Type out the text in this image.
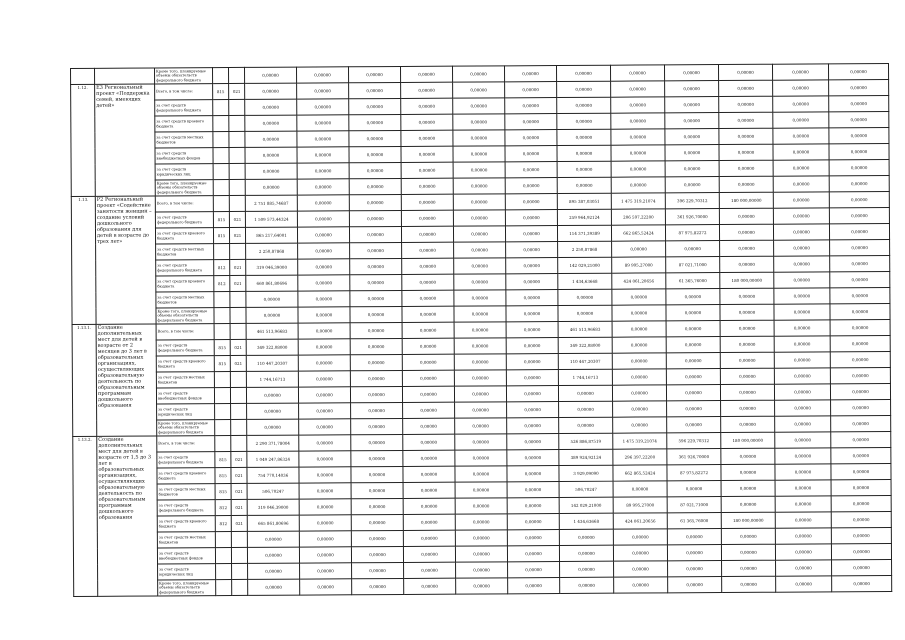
		Кроме того, планируемые объемы обязательств федерального бюджета			0,00000	0,00000	0,00000	0,00000	0,00000	0,00000	0,00000	0,00000	0,00000	0,00000	0,00000	0,00000
1.12.	Е3 Региональный проект «Поддержка семей, имеющих детей»	Всего, в том числе:	815	021	0,00000	0,00000	0,00000	0,00000	0,00000	0,00000	0,00000	0,00000	0,00000	0,00000	0,00000	0,00000
		за счет средств федерального бюджета			0,00000	0,00000	0,00000	0,00000	0,00000	0,00000	0,00000	0,00000	0,00000	0,00000	0,00000	0,00000
		за счет средств краевого бюджета			0,00000	0,00000	0,00000	0,00000	0,00000	0,00000	0,00000	0,00000	0,00000	0,00000	0,00000	0,00000
		за счет средств местных бюджетов			0,00000	0,00000	0,00000	0,00000	0,00000	0,00000	0,00000	0,00000	0,00000	0,00000	0,00000	0,00000
		за счет средств внебюджетных фондов			0,00000	0,00000	0,00000	0,00000	0,00000	0,00000	0,00000	0,00000	0,00000	0,00000	0,00000	0,00000
		за счет средств юридических лиц			0,00000	0,00000	0,00000	0,00000	0,00000	0,00000	0,00000	0,00000	0,00000	0,00000	0,00000	0,00000
		Кроме того, планируемые объемы обязательств федерального бюджета			0,00000	0,00000	0,00000	0,00000	0,00000	0,00000	0,00000	0,00000	0,00000	0,00000	0,00000	0,00000
1.13.	Р2 Региональный проект «Содействие занятости женщин – создание условий дошкольного образования для детей в возрасте до трех лет»	Всего, в том числе:			2 751 885,74687	0,00000	0,00000	0,00000	0,00000	0,00000	895 387,03051	1 475 319,21074	396 229,70312	180 000,00000	0,00000	0,00000
		за счет средств федерального бюджета	815	021	1 509 573,44324	0,00000	0,00000	0,00000	0,00000	0,00000	259 964,92124	206 597,22200	361 926,70000	0,00000	0,00000	0,00000
		за счет средств краевого бюджета	815	021	865 217,64001	0,00000	0,00000	0,00000	0,00000	0,00000	114 371,39389	662 865,52424	87 975,82272	0,00000	0,00000	0,00000
		за счет средств местных бюджетов			2 250,87868	0,00000	0,00000	0,00000	0,00000	0,00000	2 250,87868	0,00000	0,00000	0,00000	0,00000	0,00000
		за счет средств федерального бюджета	812	021	319 046,39000	0,00000	0,00000	0,00000	0,00000	0,00000	142 029,21000	89 995,27000	87 021,71000	0,00000	0,00000	0,00000
		за счет средств краевого бюджета	812	021	660 861,80696	0,00000	0,00000	0,00000	0,00000	0,00000	1 434,63668	424 061,20656	61 365,76000	180 000,00000	0,00000	0,00000
		за счет средств местных бюджетов			0,00000	0,00000	0,00000	0,00000	0,00000	0,00000	0,00000	0,00000	0,00000	0,00000	0,00000	0,00000
		Кроме того, планируемые объемы обязательств федерального бюджета			0,00000	0,00000	0,00000	0,00000	0,00000	0,00000	0,00000	0,00000	0,00000	0,00000	0,00000	0,00000
1.13.1.	Создание дополнительных мест для детей в возрасте от 2 месяцев до 3 лет в образовательных организациях, осуществляющих образовательную деятельность по образовательным программам дошкольного образования	Всего, в том числе:			461 513,96683	0,00000	0,00000	0,00000	0,00000	0,00000	461 513,96683	0,00000	0,00000	0,00000	0,00000	0,00000
		за счет средств федерального бюджета	815	021	349 322,08000	0,00000	0,00000	0,00000	0,00000	0,00000	349 322,08000	0,00000	0,00000	0,00000	0,00000	0,00000
		за счет средств краевого бюджета	815	021	110 447,20307	0,00000	0,00000	0,00000	0,00000	0,00000	110 447,20307	0,00000	0,00000	0,00000	0,00000	0,00000
		за счет средств местных бюджетов			1 744,16713	0,00000	0,00000	0,00000	0,00000	0,00000	1 744,16713	0,00000	0,00000	0,00000	0,00000	0,00000
		за счет средств внебюджетных фондов			0,00000	0,00000	0,00000	0,00000	0,00000	0,00000	0,00000	0,00000	0,00000	0,00000	0,00000	0,00000
		за счет средств юридических лиц			0,00000	0,00000	0,00000	0,00000	0,00000	0,00000	0,00000	0,00000	0,00000	0,00000	0,00000	0,00000
		Кроме того, планируемые объемы обязательств федерального бюджета			0,00000	0,00000	0,00000	0,00000	0,00000	0,00000	0,00000	0,00000	0,00000	0,00000	0,00000	0,00000
1.13.2.	Создание дополнительных мест для детей в возрасте от 1,5 до 3 лет в образовательных организациях, осуществляющих образовательную деятельность по образовательным программам дошкольного образования	Всего, в том числе:			2 290 371,78004	0,00000	0,00000	0,00000	0,00000	0,00000	526 886,87519	1 475 319,21074	596 229,70312	180 000,00000	0,00000	0,00000
		за счет средств федерального бюджета	815	021	1 049 247,86324	0,00000	0,00000	0,00000	0,00000	0,00000	389 924,92124	296 397,22200	361 926,70000	0,00000	0,00000	0,00000
		за счет средств краевого бюджета	815	021	754 770,14036	0,00000	0,00000	0,00000	0,00000	0,00000	3 929,09090	662 865,52424	87 975,82272	0,00000	0,00000	0,00000
		за счет средств местных бюджетов	815	021	506,70247	0,00000	0,00000	0,00000	0,00000	0,00000	506,70247	0,00000	0,00000	0,00000	0,00000	0,00000
		за счет средств федерального бюджета	812	021	319 046,39000	0,00000	0,00000	0,00000	0,00000	0,00000	142 029,21000	89 995,27000	87 021,71000	0,00000	0,00000	0,00000
		за счет средств краевого бюджета	812	021	665 861,80696	0,00000	0,00000	0,00000	0,00000	0,00000	1 434,63668	424 061,20656	61 365,76000	180 000,00000	0,00000	0,00000
		за счет средств местных бюджетов			0,00000	0,00000	0,00000	0,00000	0,00000	0,00000	0,00000	0,00000	0,00000	0,00000	0,00000	0,00000
		за счет средств внебюджетных фондов			0,00000	0,00000	0,00000	0,00000	0,00000	0,00000	0,00000	0,00000	0,00000	0,00000	0,00000	0,00000
		за счет средств юридических лиц			0,00000	0,00000	0,00000	0,00000	0,00000	0,00000	0,00000	0,00000	0,00000	0,00000	0,00000	0,00000
		Кроме того, планируемые объемы обязательств федерального бюджета			0,00000	0,00000	0,00000	0,00000	0,00000	0,00000	0,00000	0,00000	0,00000	0,00000	0,00000	0,00000
